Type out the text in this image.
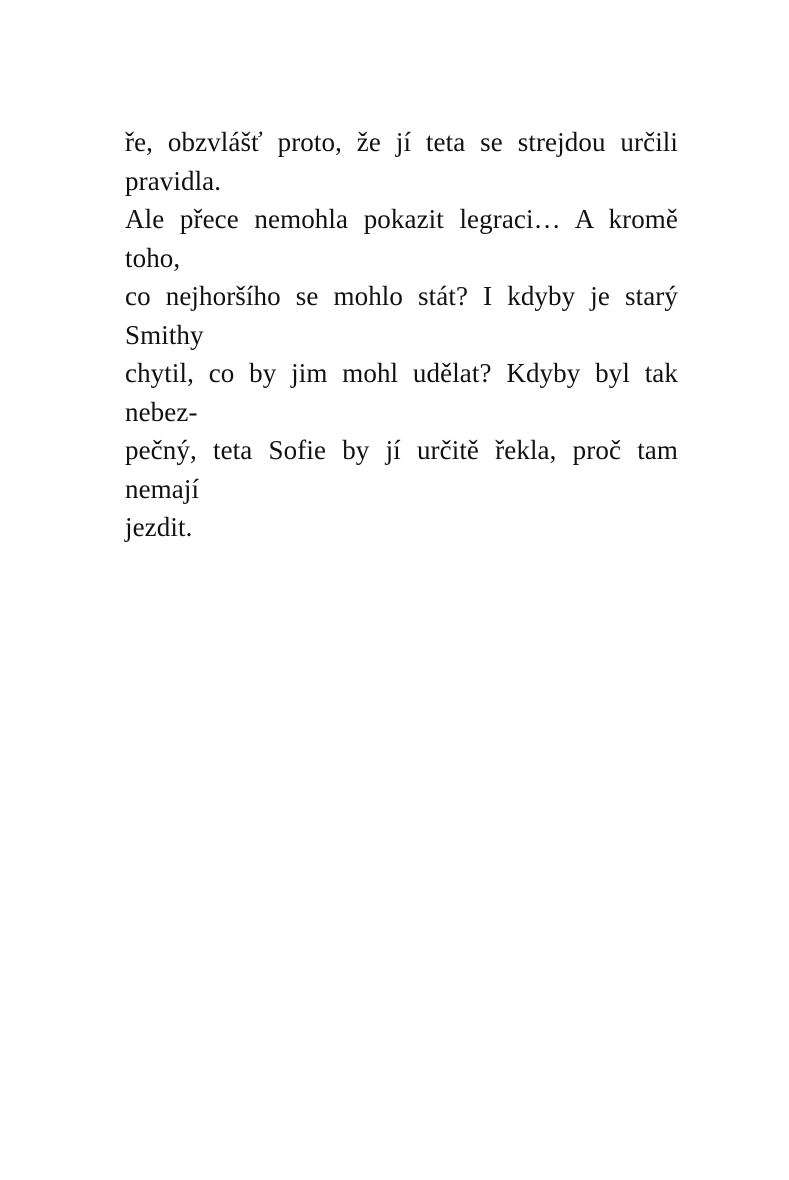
ře, obzvlášť proto, že jí teta se strejdou určili pravidla.
Ale přece nemohla pokazit legraci… A kromě toho,
co nejhoršího se mohlo stát? I kdyby je starý Smithy
chytil, co by jim mohl udělat? Kdyby byl tak nebez-
pečný, teta Sofie by jí určitě řekla, proč tam nemají
jezdit.
